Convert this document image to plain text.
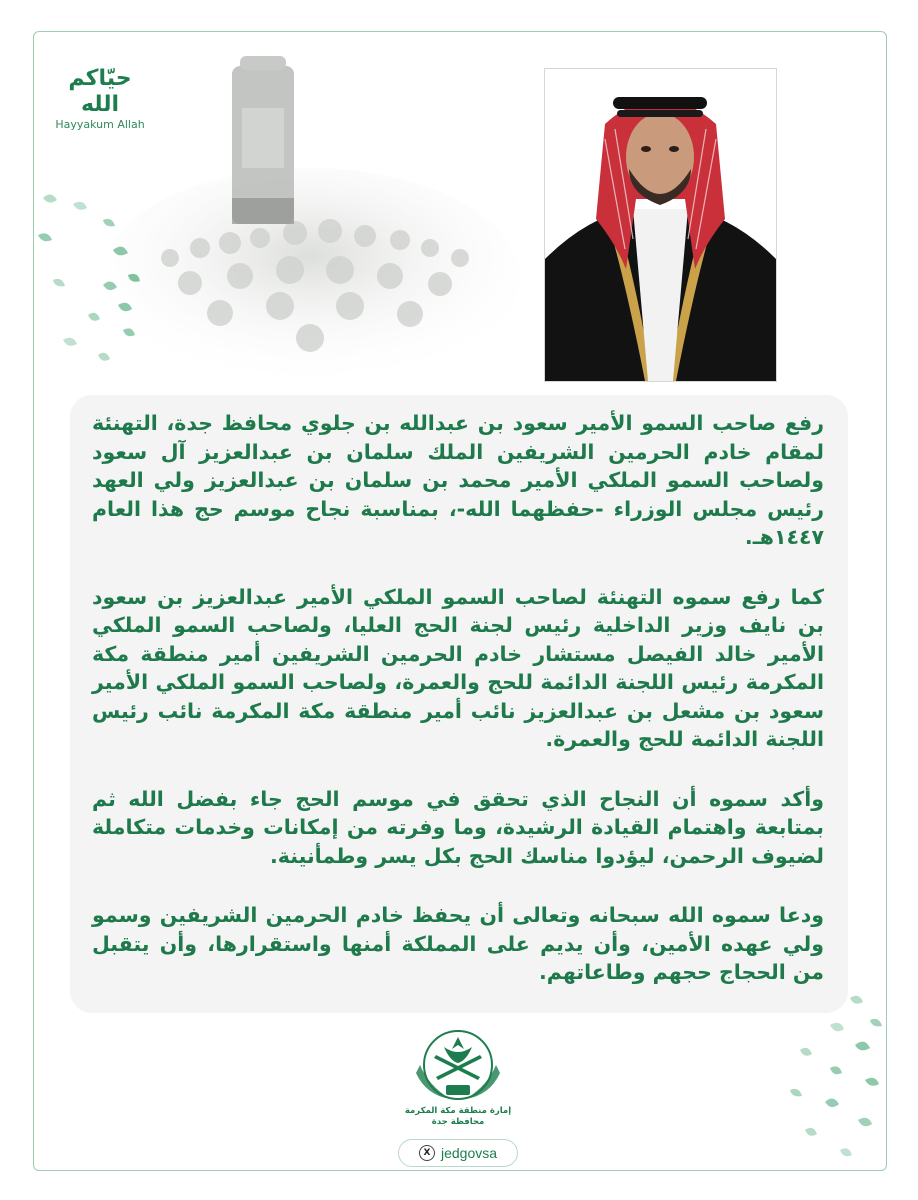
حيّاكم الله
Hayyakum Allah

رفع صاحب السمو الأمير سعود بن عبدالله بن جلوي محافظ جدة، التهنئة لمقام خادم الحرمين الشريفين الملك سلمان بن عبدالعزيز آل سعود ولصاحب السمو الملكي الأمير محمد بن سلمان بن عبدالعزيز ولي العهد رئيس مجلس الوزراء -حفظهما الله-، بمناسبة نجاح موسم حج هذا العام ١٤٤٧هـ.

كما رفع سموه التهنئة لصاحب السمو الملكي الأمير عبدالعزيز بن سعود بن نايف وزير الداخلية رئيس لجنة الحج العليا، ولصاحب السمو الملكي الأمير خالد الفيصل مستشار خادم الحرمين الشريفين أمير منطقة مكة المكرمة رئيس اللجنة الدائمة للحج والعمرة، ولصاحب السمو الملكي الأمير سعود بن مشعل بن عبدالعزيز نائب أمير منطقة مكة المكرمة نائب رئيس اللجنة الدائمة للحج والعمرة.

وأكد سموه أن النجاح الذي تحقق في موسم الحج جاء بفضل الله ثم بمتابعة واهتمام القيادة الرشيدة، وما وفرته من إمكانات وخدمات متكاملة لضيوف الرحمن، ليؤدوا مناسك الحج بكل يسر وطمأنينة.

ودعا سموه الله سبحانه وتعالى أن يحفظ خادم الحرمين الشريفين وسمو ولي عهده الأمين، وأن يديم على المملكة أمنها واستقرارها، وأن يتقبل من الحجاج حجهم وطاعاتهم.

إمارة منطقة مكة المكرمة
محافظة جدة
X jedgovsa
